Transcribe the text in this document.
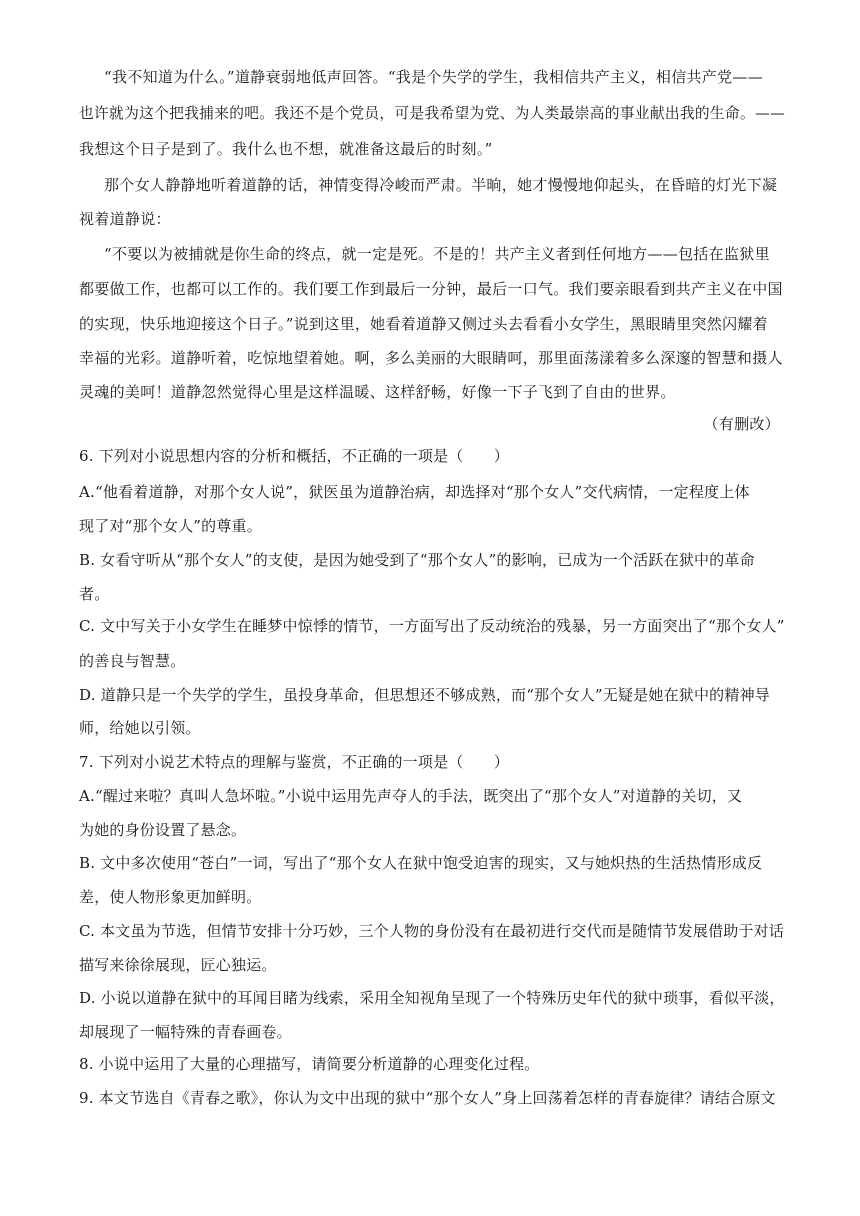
“我不知道为什么。”道静衰弱地低声回答。“我是个失学的学生，我相信共产主义，相信共产党——
也许就为这个把我捕来的吧。我还不是个党员，可是我希望为党、为人类最崇高的事业献出我的生命。——
我想这个日子是到了。我什么也不想，就准备这最后的时刻。”
那个女人静静地听着道静的话，神情变得冷峻而严肃。半晌，她才慢慢地仰起头，在昏暗的灯光下凝
视着道静说：
“不要以为被捕就是你生命的终点，就一定是死。不是的！共产主义者到任何地方——包括在监狱里
都要做工作，也都可以工作的。我们要工作到最后一分钟，最后一口气。我们要亲眼看到共产主义在中国
的实现，快乐地迎接这个日子。”说到这里，她看着道静又侧过头去看看小女学生，黑眼睛里突然闪耀着
幸福的光彩。道静听着，吃惊地望着她。啊，多么美丽的大眼睛呵，那里面荡漾着多么深邃的智慧和摄人
灵魂的美呵！道静忽然觉得心里是这样温暖、这样舒畅，好像一下子飞到了自由的世界。
（有删改）
6. 下列对小说思想内容的分析和概括，不正确的一项是（　　）
A.“他看着道静，对那个女人说”，狱医虽为道静治病，却选择对“那个女人”交代病情，一定程度上体
现了对“那个女人”的尊重。
B. 女看守听从“那个女人”的支使，是因为她受到了“那个女人”的影响，已成为一个活跃在狱中的革命
者。
C. 文中写关于小女学生在睡梦中惊悸的情节，一方面写出了反动统治的残暴，另一方面突出了“那个女人”
的善良与智慧。
D. 道静只是一个失学的学生，虽投身革命，但思想还不够成熟，而“那个女人”无疑是她在狱中的精神导
师，给她以引领。
7. 下列对小说艺术特点的理解与鉴赏，不正确的一项是（　　）
A.“醒过来啦？真叫人急坏啦。”小说中运用先声夺人的手法，既突出了“那个女人”对道静的关切，又
为她的身份设置了悬念。
B. 文中多次使用“苍白”一词，写出了“那个女人在狱中饱受迫害的现实，又与她炽热的生活热情形成反
差，使人物形象更加鲜明。
C. 本文虽为节选，但情节安排十分巧妙，三个人物的身份没有在最初进行交代而是随情节发展借助于对话
描写来徐徐展现，匠心独运。
D. 小说以道静在狱中的耳闻目睹为线索，采用全知视角呈现了一个特殊历史年代的狱中琐事，看似平淡，
却展现了一幅特殊的青春画卷。
8. 小说中运用了大量的心理描写，请简要分析道静的心理变化过程。
9. 本文节选自《青春之歌》，你认为文中出现的狱中“那个女人”身上回荡着怎样的青春旋律？请结合原文
